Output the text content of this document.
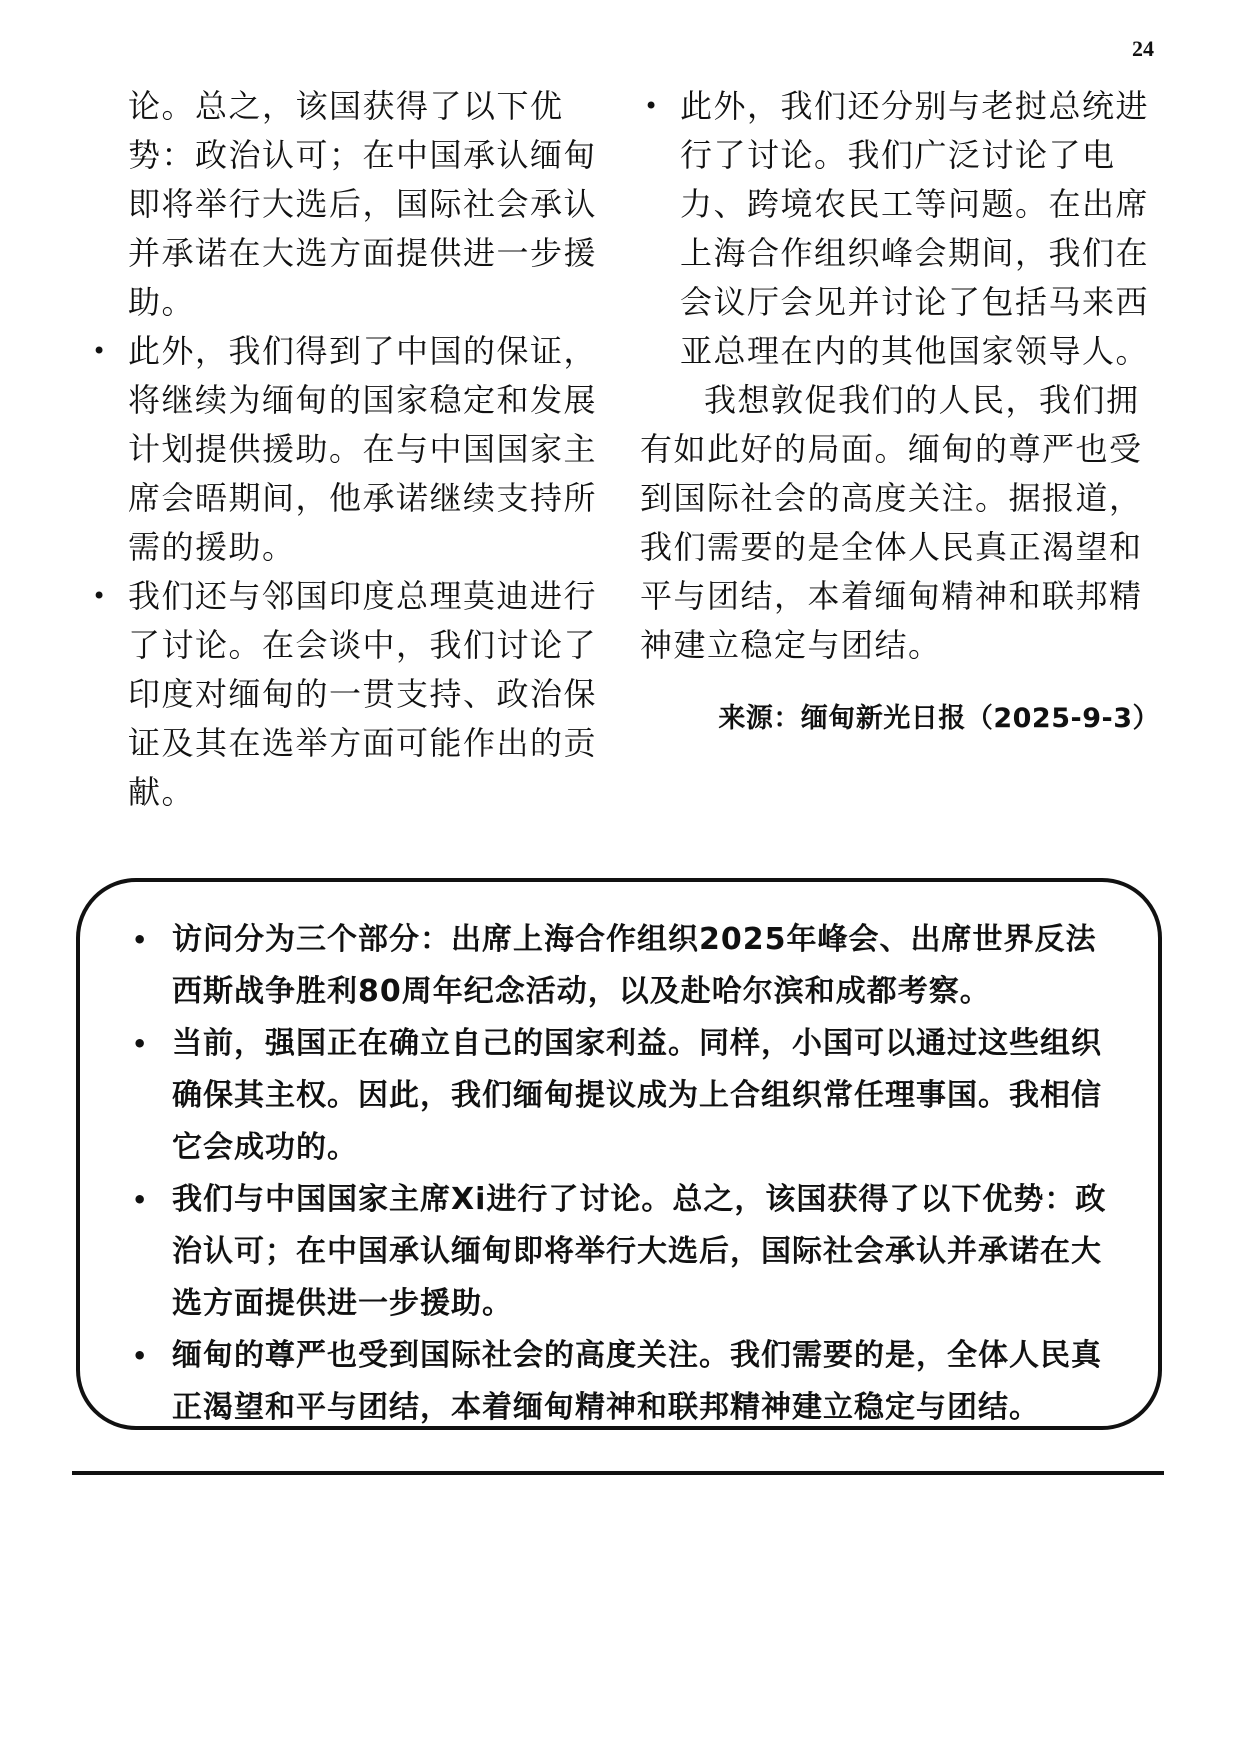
24

论。总之，该国获得了以下优势：政治认可；在中国承认缅甸即将举行大选后，国际社会承认并承诺在大选方面提供进一步援助。

• 此外，我们得到了中国的保证，将继续为缅甸的国家稳定和发展计划提供援助。在与中国国家主席会晤期间，他承诺继续支持所需的援助。
• 我们还与邻国印度总理莫迪进行了讨论。在会谈中，我们讨论了印度对缅甸的一贯支持、政治保证及其在选举方面可能作出的贡献。
• 此外，我们还分别与老挝总统进行了讨论。我们广泛讨论了电力、跨境农民工等问题。在出席上海合作组织峰会期间，我们在会议厅会见并讨论了包括马来西亚总理在内的其他国家领导人。

我想敦促我们的人民，我们拥有如此好的局面。缅甸的尊严也受到国际社会的高度关注。据报道，我们需要的是全体人民真正渴望和平与团结，本着缅甸精神和联邦精神建立稳定与团结。

来源：缅甸新光日报（2025-9-3）
• 访问分为三个部分：出席上海合作组织2025年峰会、出席世界反法西斯战争胜利80周年纪念活动，以及赴哈尔滨和成都考察。
• 当前，强国正在确立自己的国家利益。同样，小国可以通过这些组织确保其主权。因此，我们缅甸提议成为上合组织常任理事国。我相信它会成功的。
• 我们与中国国家主席Xi进行了讨论。总之，该国获得了以下优势：政治认可；在中国承认缅甸即将举行大选后，国际社会承认并承诺在大选方面提供进一步援助。
• 缅甸的尊严也受到国际社会的高度关注。我们需要的是，全体人民真正渴望和平与团结，本着缅甸精神和联邦精神建立稳定与团结。
